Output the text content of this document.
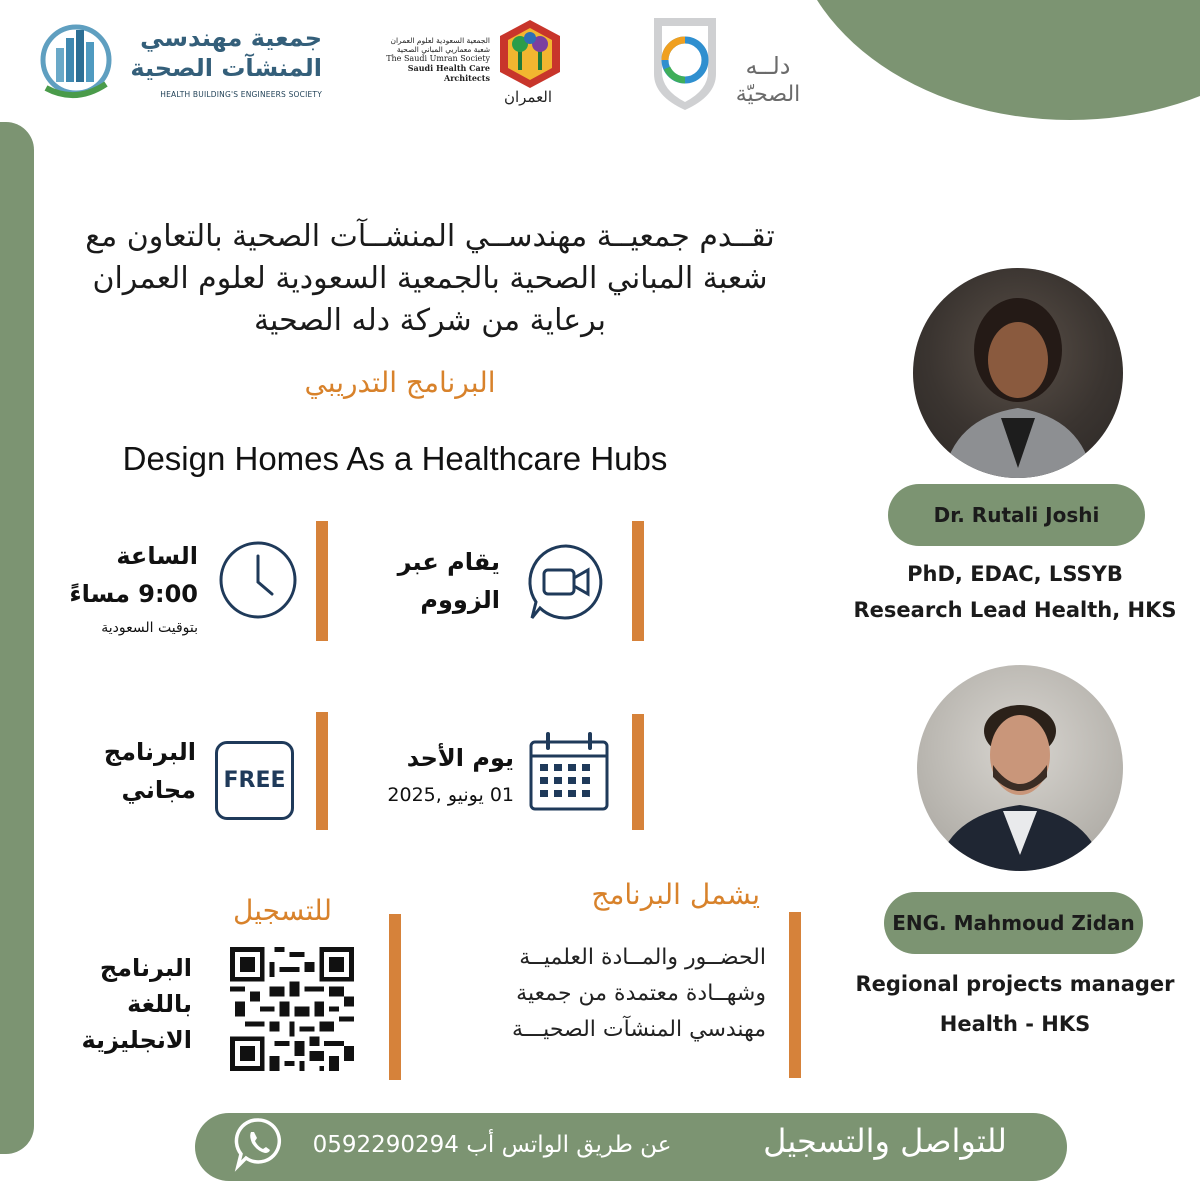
جمعية مهندسي
المنشآت الصحية
HEALTH BUILDING'S ENGINEERS SOCIETY
الجمعية السعودية لعلوم العمران
شعبة معماريي المباني الصحية
The Saudi Umran Society
Saudi Health Care Architects
العمران
دلــه
الصحيّة
تقــدم جمعيــة مهندســي المنشــآت الصحية بالتعاون مع
شعبة المباني الصحية بالجمعية السعودية لعلوم العمران
برعاية من شركة دله الصحية
البرنامج التدريبي
Design Homes As a Healthcare Hubs
يقام عبر
الزووم
الساعة
9:00 مساءً
بتوقيت السعودية
يوم الأحد
01 يونيو ,2025
FREE
البرنامج
مجاني
للتسجيل
البرنامج
باللغة
الانجليزية
يشمل البرنامج
الحضــور والمــادة العلميــة
وشهــادة معتمدة من جمعية
مهندسي المنشآت الصحيـــة
Dr. Rutali Joshi
PhD, EDAC, LSSYB
Research Lead Health, HKS
ENG. Mahmoud Zidan
Regional projects manager
Health - HKS
عن طريق الواتس أب 0592290294	للتواصل والتسجيل
